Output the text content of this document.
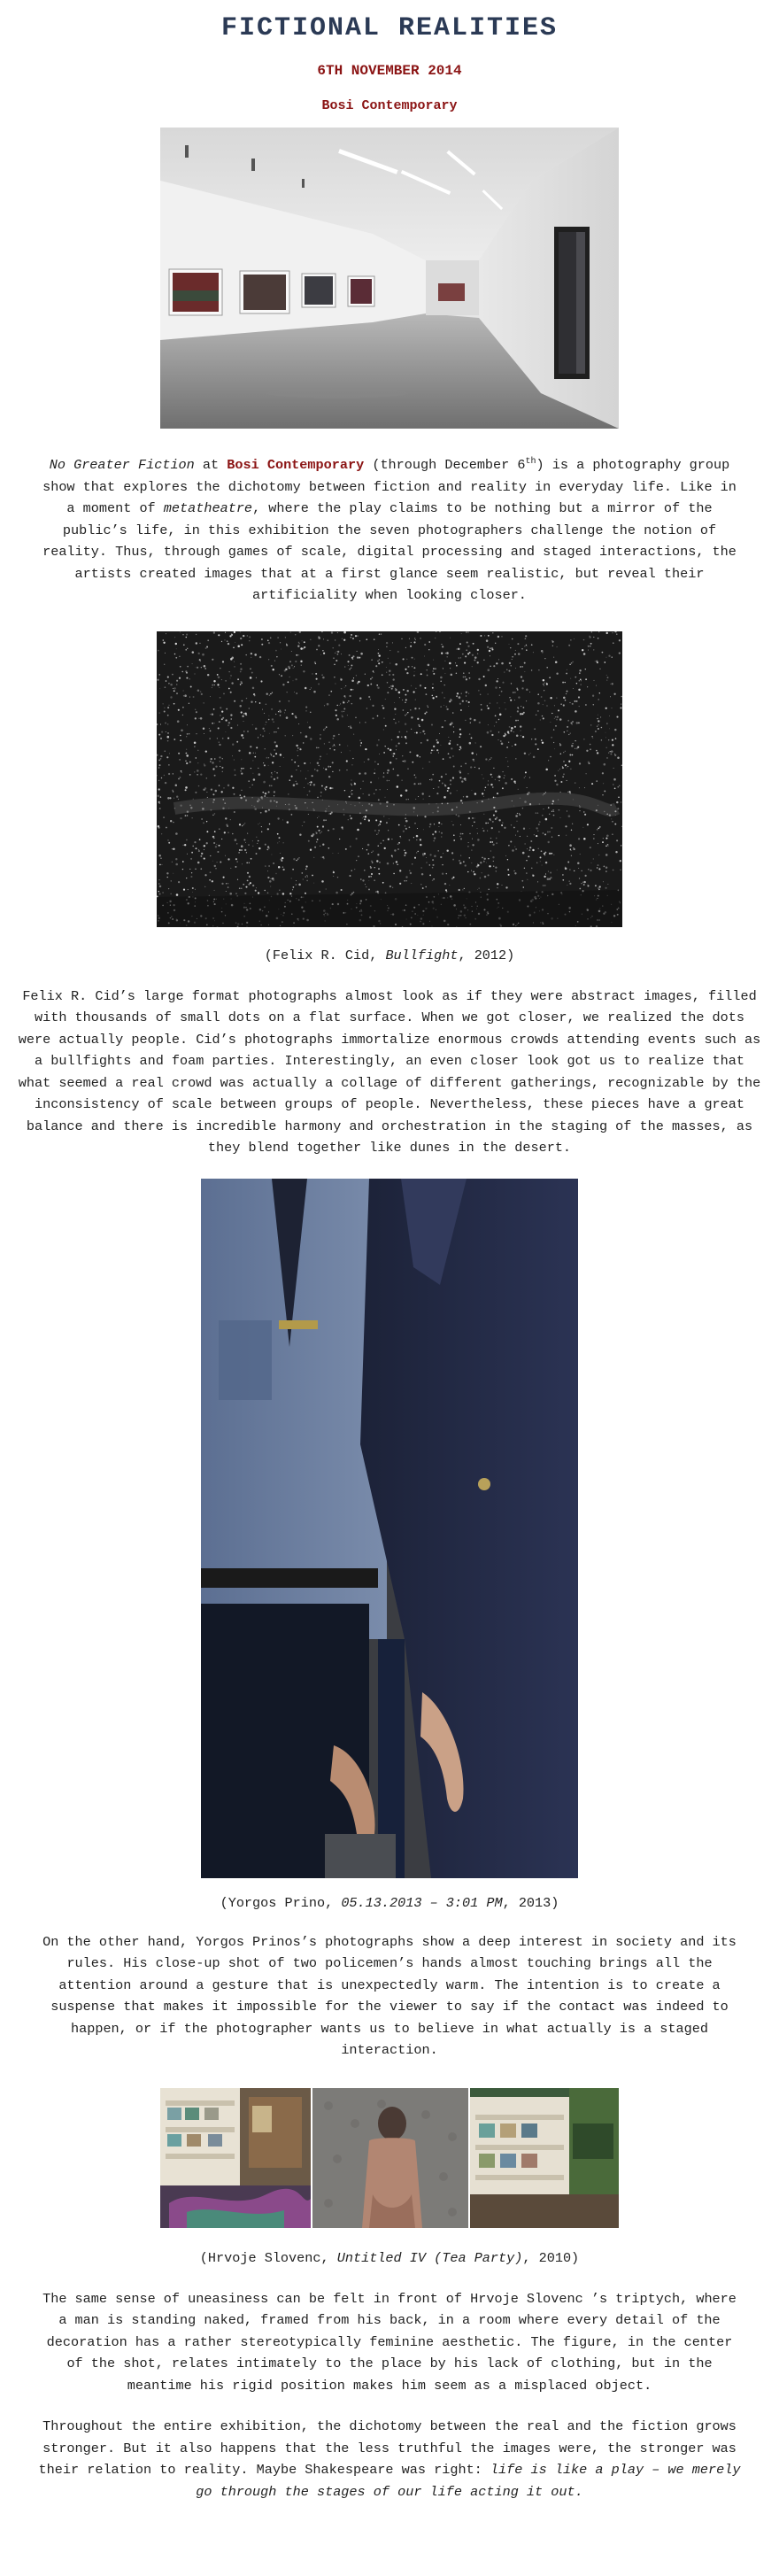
FICTIONAL REALITIES
6TH NOVEMBER 2014
Bosi Contemporary

No Greater Fiction at Bosi Contemporary (through December 6th) is a photography group show that explores the dichotomy between fiction and reality in everyday life. Like in a moment of metatheatre, where the play claims to be nothing but a mirror of the public’s life, in this exhibition the seven photographers challenge the notion of reality. Thus, through games of scale, digital processing and staged interactions, the artists created images that at a first glance seem realistic, but reveal their artificiality when looking closer.

(Felix R. Cid, Bullfight, 2012)

Felix R. Cid’s large format photographs almost look as if they were abstract images, filled with thousands of small dots on a flat surface. When we got closer, we realized the dots were actually people. Cid’s photographs immortalize enormous crowds attending events such as a bullfights and foam parties. Interestingly, an even closer look got us to realize that what seemed a real crowd was actually a collage of different gatherings, recognizable by the inconsistency of scale between groups of people. Nevertheless, these pieces have a great balance and there is incredible harmony and orchestration in the staging of the masses, as they blend together like dunes in the desert.

(Yorgos Prino, 05.13.2013 – 3:01 PM, 2013)

On the other hand, Yorgos Prinos’s photographs show a deep interest in society and its rules. His close-up shot of two policemen’s hands almost touching brings all the attention around a gesture that is unexpectedly warm. The intention is to create a suspense that makes it impossible for the viewer to say if the contact was indeed to happen, or if the photographer wants us to believe in what actually is a staged interaction.

(Hrvoje Slovenc, Untitled IV (Tea Party), 2010)

The same sense of uneasiness can be felt in front of Hrvoje Slovenc ’s triptych, where a man is standing naked, framed from his back, in a room where every detail of the decoration has a rather stereotypically feminine aesthetic. The figure, in the center of the shot, relates intimately to the place by his lack of clothing, but in the meantime his rigid position makes him seem as a misplaced object.

Throughout the entire exhibition, the dichotomy between the real and the fiction grows stronger. But it also happens that the less truthful the images were, the stronger was their relation to reality. Maybe Shakespeare was right: life is like a play – we merely go through the stages of our life acting it out.
